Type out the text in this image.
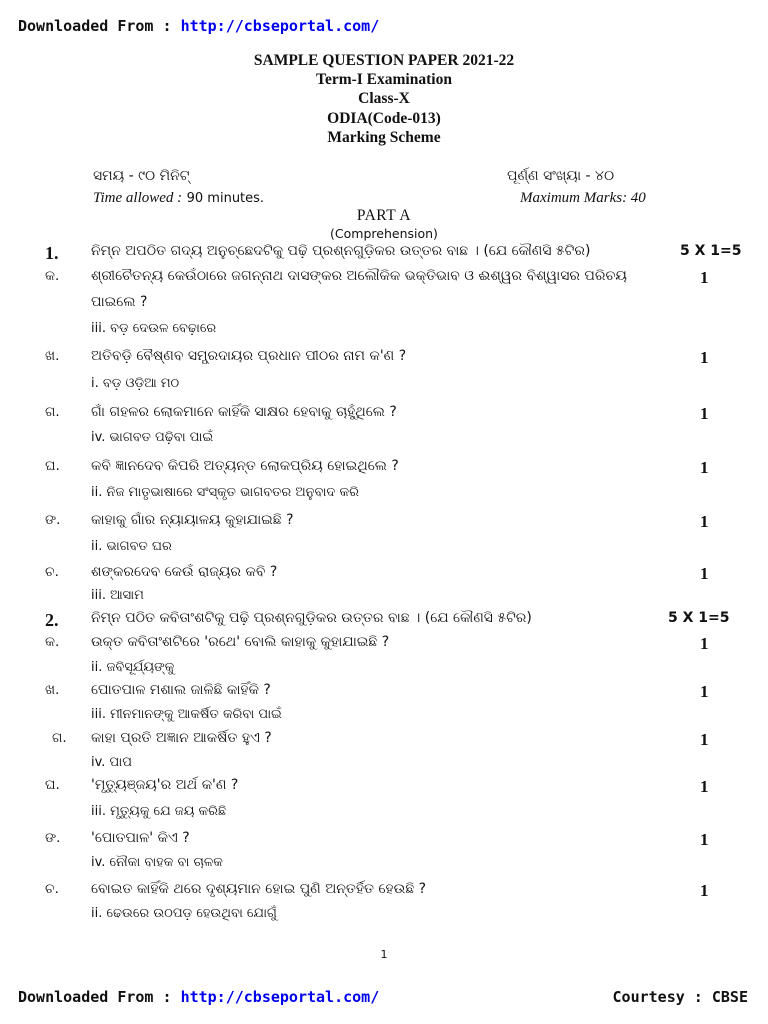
Downloaded From : http://cbseportal.com/
SAMPLE QUESTION PAPER 2021-22
Term-I Examination
Class-X
ODIA(Code-013)
Marking Scheme
ସମୟ - ୯୦ ମିନିଟ୍	ପୂର୍ଣ୍ଣ ସଂଖ୍ୟା - ୪୦
Time allowed : 90 minutes.	Maximum Marks: 40
PART A
(Comprehension)
1. ନିମ୍ନ ଅପଠିତ ଗଦ୍ୟ ଅନୁଚ୍ଛେଦଟିକୁ ପଢ଼ି ପ୍ରଶ୍ନଗୁଡ଼ିକର ଉତ୍ତର ବାଛ । (ଯେ କୌଣସି ୫ଟିର)	5 X 1=5
କ. ଶ୍ରୀଚୈତନ୍ୟ କେଉଁଠାରେ ଜଗନ୍ନାଥ ଦାସଙ୍କର ଅଲୌକିକ ଭକ୍ତିଭାବ ଓ ଈଶ୍ୱର ବିଶ୍ୱାସର ପରିଚୟ	1
ପାଇଲେ ?
iii. ବଡ଼ ଦେଉଳ ବେଢ଼ାରେ
ଖ. ଅତିବଡ଼ି ବୈଷ୍ଣବ ସମ୍ପ୍ରଦାୟର ପ୍ରଧାନ ପୀଠର ନାମ କ'ଣ ?	1
i. ବଡ଼ ଓଡ଼ିଆ ମଠ
ଗ. ଗାଁ ଗହଳର ଲୋକମାନେ କାହିଁକି ସାକ୍ଷର ହେବାକୁ ଚାହୁଁଥିଲେ ?	1
iv. ଭାଗବତ ପଢ଼ିବା ପାଇଁ
ଘ. କବି ଜ୍ଞାନଦେବ କିପରି ଅତ୍ୟନ୍ତ ଲୋକପ୍ରିୟ ହୋଇଥିଲେ ?	1
ii. ନିଜ ମାତୃଭାଷାରେ ସଂସ୍କୃତ ଭାଗବତର ଅନୁବାଦ କରି
ଙ. କାହାକୁ ଗାଁର ନ୍ୟାୟାଳୟ କୁହାଯାଇଛି ?	1
ii. ଭାଗବତ ଘର
ଚ. ଶଙ୍କରଦେବ କେଉଁ ରାଜ୍ୟର କବି ?	1
iii. ଆସାମ
2. ନିମ୍ନ ପଠିତ କବିତାଂଶଟିକୁ ପଢ଼ି ପ୍ରଶ୍ନଗୁଡ଼ିକର ଉତ୍ତର ବାଛ । (ଯେ କୌଣସି ୫ଟିର)	5 X 1=5
କ. ଉକ୍ତ କବିତାଂଶଟିରେ 'ରଥେ' ବୋଲି କାହାକୁ କୁହାଯାଇଛି ?	1
ii. ଜବିସୂର୍ଯ୍ୟଙ୍କୁ
ଖ. ପୋତପାଳ ମଶାଲ ଜାଳିଛି କାହିଁକି ?	1
iii. ମୀନମାନଙ୍କୁ ଆକର୍ଷିତ କରିବା ପାଇଁ
ଗ. କାହା ପ୍ରତି ଅଜ୍ଞାନ ଆକର୍ଷିତ ହୁଏ ?	1
iv. ପାପ
ଘ. 'ମୃତ୍ୟୁଞ୍ଜୟ'ର ଅର୍ଥ କ'ଣ ?	1
iii. ମୃତ୍ୟୁକୁ ଯେ ଜୟ କରିଛି
ଙ. 'ପୋତପାଳ' କିଏ ?	1
iv. ନୌକା ବାହକ ବା ଚାଳକ
ଚ. ବୋଇତ କାହିଁକି ଥରେ ଦୃଶ୍ୟମାନ ହୋଇ ପୁଣି ଅନ୍ତର୍ହିତ ହେଉଛି ?	1
ii. ଢେଉରେ ଉଠପଡ଼ ହେଉଥିବା ଯୋଗୁଁ
1
Downloaded From : http://cbseportal.com/	Courtesy : CBSE
